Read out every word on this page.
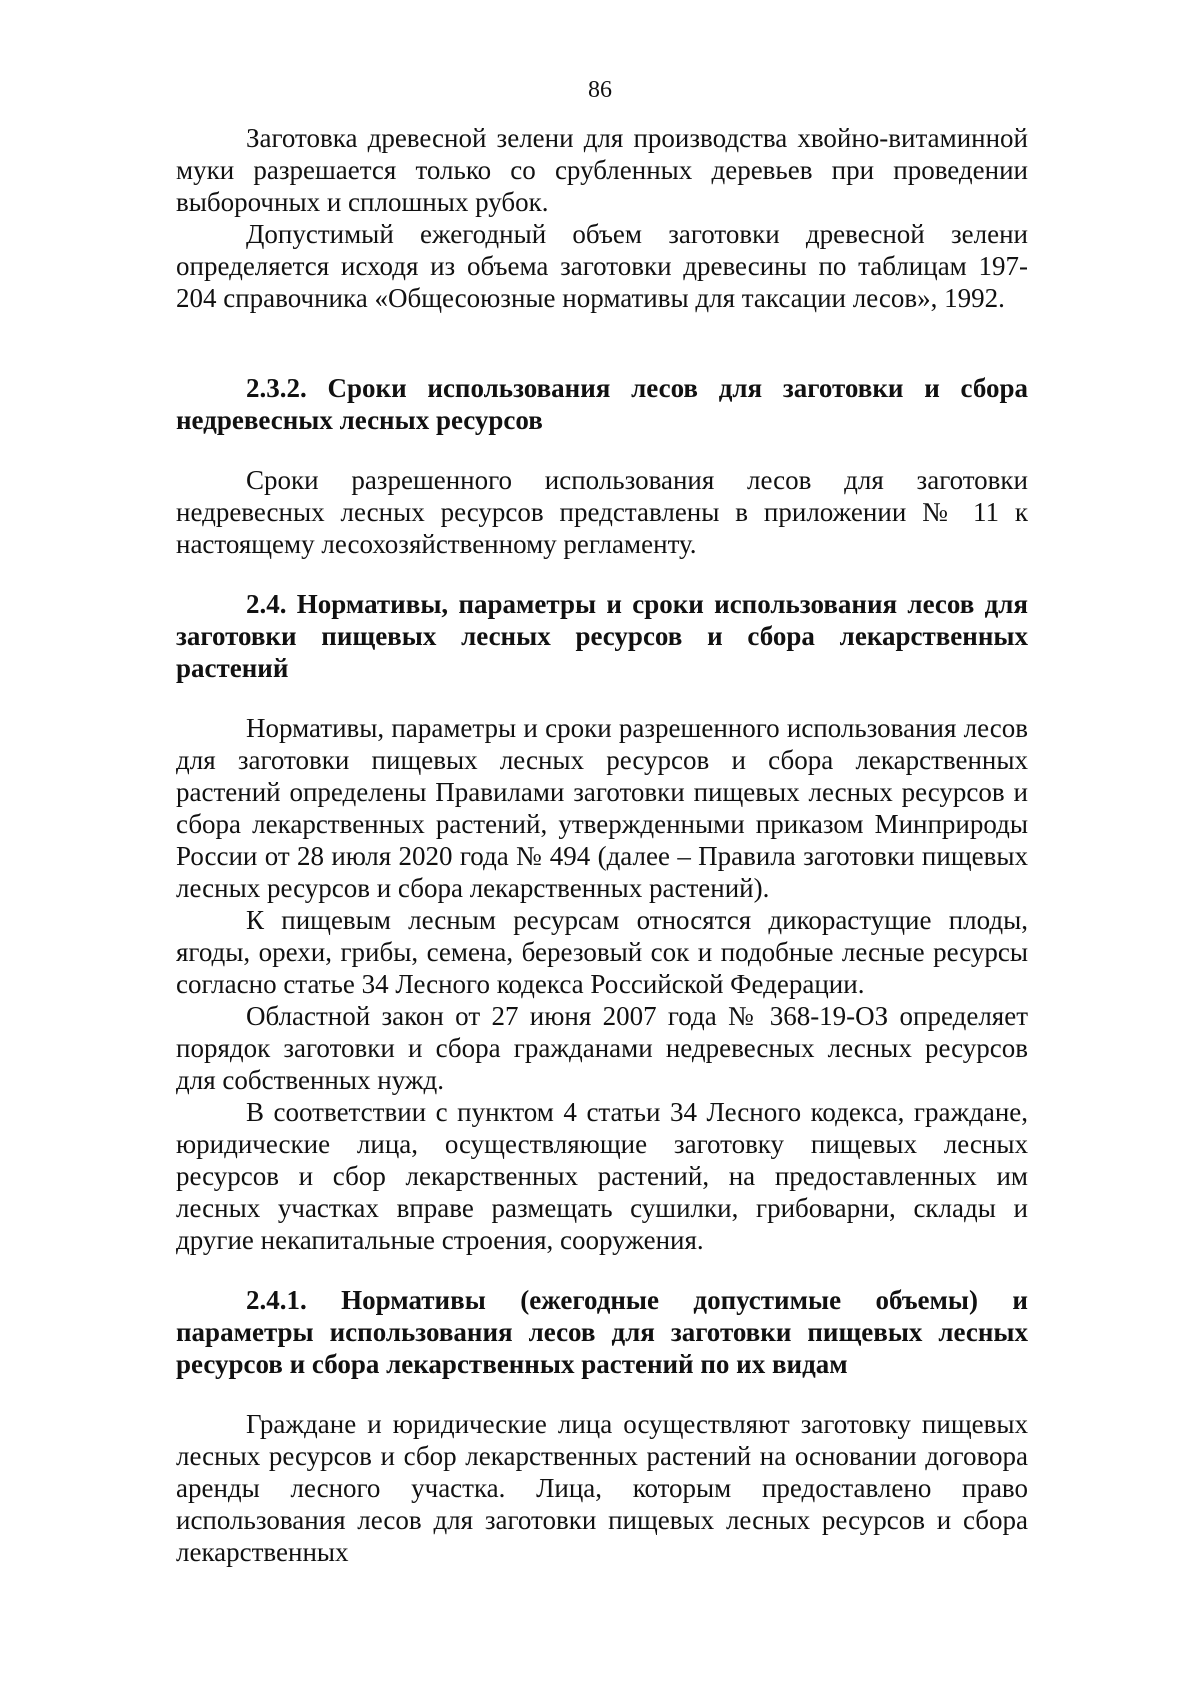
86

Заготовка древесной зелени для производства хвойно-витаминной муки разрешается только со срубленных деревьев при проведении выборочных и сплошных рубок.

Допустимый ежегодный объем заготовки древесной зелени определяется исходя из объема заготовки древесины по таблицам 197-204 справочника «Общесоюзные нормативы для таксации лесов», 1992.

2.3.2. Сроки использования лесов для заготовки и сбора недревесных лесных ресурсов

Сроки разрешенного использования лесов для заготовки недревесных лесных ресурсов представлены в приложении № 11 к настоящему лесохозяйственному регламенту.

2.4. Нормативы, параметры и сроки использования лесов для заготовки пищевых лесных ресурсов и сбора лекарственных растений

Нормативы, параметры и сроки разрешенного использования лесов для заготовки пищевых лесных ресурсов и сбора лекарственных растений определены Правилами заготовки пищевых лесных ресурсов и сбора лекарственных растений, утвержденными приказом Минприроды России от 28 июля 2020 года № 494 (далее – Правила заготовки пищевых лесных ресурсов и сбора лекарственных растений).

К пищевым лесным ресурсам относятся дикорастущие плоды, ягоды, орехи, грибы, семена, березовый сок и подобные лесные ресурсы согласно статье 34 Лесного кодекса Российской Федерации.

Областной закон от 27 июня 2007 года № 368-19-ОЗ определяет порядок заготовки и сбора гражданами недревесных лесных ресурсов для собственных нужд.

В соответствии с пунктом 4 статьи 34 Лесного кодекса, граждане, юридические лица, осуществляющие заготовку пищевых лесных ресурсов и сбор лекарственных растений, на предоставленных им лесных участках вправе размещать сушилки, грибоварни, склады и другие некапитальные строения, сооружения.

2.4.1. Нормативы (ежегодные допустимые объемы) и параметры использования лесов для заготовки пищевых лесных ресурсов и сбора лекарственных растений по их видам

Граждане и юридические лица осуществляют заготовку пищевых лесных ресурсов и сбор лекарственных растений на основании договора аренды лесного участка. Лица, которым предоставлено право использования лесов для заготовки пищевых лесных ресурсов и сбора лекарственных
